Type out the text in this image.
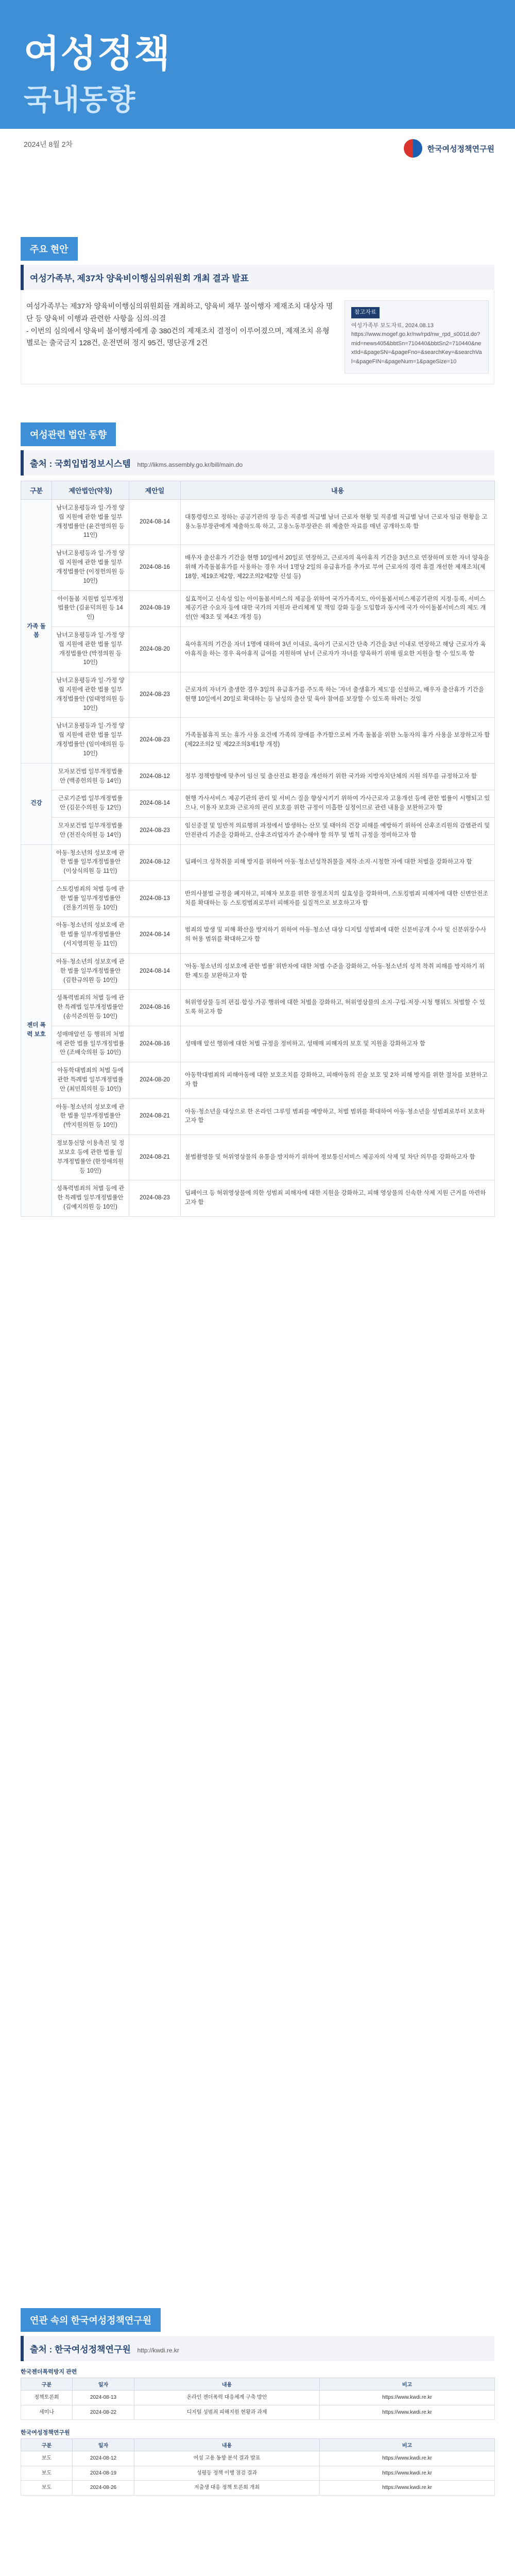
여성정책
국내동향
2024년 8월 2차
한국여성정책연구원
주요 현안
여성가족부, 제37차 양육비이행심의위원회 개최 결과 발표
여성가족부는 제37차 양육비이행심의위원회를 개최하고, 양육비 채무 불이행자 제재조치 대상자 명단 등 양육비 이행과 관련한 사항을 심의·의결
- 이번의 심의에서 양육비 불이행자에게 총 380건의 제재조치 결정이 이루어졌으며, 제재조치 유형별로는 출국금지 128건, 운전면허 정지 95건, 명단공개 2건
참고자료
여성가족부 보도자료, 2024.08.13
https://www.mogef.go.kr/nw/rpd/nw_rpd_s001d.do?mid=news405&bbtSn=710440&bbtSn2=710440&nextId=&pageSN=&pageFno=&searchKey=&searchVal=&pageFIN=&pageNum=1&pageSize=10
여성관련 법안 동향
출처 : 국회입법정보시스템 http://likms.assembly.go.kr/bill/main.do
구분	제안법안(약칭)	제안일	내용
가족 돌봄	남녀고용평등과 일·가정 양립 지원에 관한 법률 일부개정법률안 (윤건영의원 등 11인)	2024-08-14	대통령령으로 정하는 공공기관의 장 등은 직종별 직급별 남녀 근로자 현황 및 직종별 직급별 남녀 근로자 임금 현황을 고용노동부장관에게 제출하도록 하고, 고용노동부장관은 위 제출한 자료를 매년 공개하도록 함
	남녀고용평등과 일·가정 양립 지원에 관한 법률 일부개정법률안 (이정헌의원 등 10인)	2024-08-16	배우자 출산휴가 기간을 현행 10일에서 20일로 연장하고, 근로자의 육아휴직 기간을 3년으로 연장하며 또한 자녀 양육을 위해 가족돌봄휴가를 사용하는 경우 자녀 1명당 2일의 유급휴가를 추가로 부여 근로자의 경력 휴결 개선한 제재조치(제18항, 제19조제2항, 제22조의2제2항 신설 등)
	아이돌봄 지원법 일부개정법률안 (김윤덕의원 등 14인)	2024-08-19	실효적이고 신속성 있는 아이돌봄서비스의 제공을 위하여 국가가족지도, 아이돌봄서비스제공기관의 지정·등록, 서비스제공기관 수요자 등에 대한 국가의 지원과 관리체계 및 책임 강화 등을 도입함과 동시에 국가 아이돌봄서비스의 제도 개선(안 제3조 및 제4조 개정 등)
	남녀고용평등과 일·가정 양립 지원에 관한 법률 일부개정법률안 (박정의원 등 10인)	2024-08-20	육아휴직의 기간을 자녀 1명에 대하여 3년 이내로, 육아기 근로시간 단축 기간을 3년 이내로 연장하고 해당 근로자가 육아휴직을 하는 경우 육아휴직 급여를 지원하며 남녀 근로자가 자녀를 양육하기 위해 필요한 지원을 할 수 있도록 함
	남녀고용평등과 일·가정 양립 지원에 관한 법률 일부개정법률안 (엄태영의원 등 10인)	2024-08-23	근로자의 자녀가 출생한 경우 3일의 유급휴가를 주도록 하는 '자녀 출생휴가 제도'를 신설하고, 배우자 출산휴가 기간을 현행 10일에서 20일로 확대하는 등 남성의 출산 및 육아 참여를 보장할 수 있도록 하려는 것임
	남녀고용평등과 일·가정 양립 지원에 관한 법률 일부개정법률안 (임미애의원 등 10인)	2024-08-23	가족돌봄휴직 또는 휴가 사용 요건에 가족의 장애를 추가함으로써 가족 돌봄을 위한 노동자의 휴가 사용을 보장하고자 함(제22조의2 및 제22조의3제1항 개정)
건강	모자보건법 일부개정법률안 (백종헌의원 등 14인)	2024-08-12	정부 정책방향에 맞추어 임신 및 출산진료 환경을 개선하기 위한 국가와 지방자치단체의 지원 의무를 규정하고자 함
	근로기준법 일부개정법률안 (김문수의원 등 12인)	2024-08-14	현행 가사서비스 제공기관의 관리 및 서비스 질을 향상시키기 위하여 가사근로자 고용개선 등에 관한 법률이 시행되고 있으나, 이용자 보호와 근로자의 권리 보호를 위한 규정이 미흡한 실정이므로 관련 내용을 보완하고자 함
	모자보건법 일부개정법률안 (전진숙의원 등 14인)	2024-08-23	임신중절 및 일반적 의료행위 과정에서 발생하는 산모 및 태아의 건강 피해를 예방하기 위하여 산후조리원의 감염관리 및 안전관리 기준을 강화하고, 산후조리업자가 준수해야 할 의무 및 벌칙 규정을 정비하고자 함
젠더 폭력 보호	아동·청소년의 성보호에 관한 법률 일부개정법률안 (이상식의원 등 11인)	2024-08-12	딥페이크 성착취물 피해 방지를 위하여 아동·청소년성착취물을 제작·소지·시청한 자에 대한 처벌을 강화하고자 함
	스토킹범죄의 처벌 등에 관한 법률 일부개정법률안 (전용기의원 등 10인)	2024-08-13	반의사불벌 규정을 폐지하고, 피해자 보호를 위한 잠정조치의 실효성을 강화하며, 스토킹범죄 피해자에 대한 신변안전조치를 확대하는 등 스토킹범죄로부터 피해자를 실질적으로 보호하고자 함
	아동·청소년의 성보호에 관한 법률 일부개정법률안 (서지영의원 등 11인)	2024-08-14	범죄의 발생 및 피해 확산을 방지하기 위하여 아동·청소년 대상 디지털 성범죄에 대한 신분비공개 수사 및 신분위장수사의 허용 범위를 확대하고자 함
	아동·청소년의 성보호에 관한 법률 일부개정법률안 (김한규의원 등 10인)	2024-08-14	'아동·청소년의 성보호에 관한 법률' 위반자에 대한 처벌 수준을 강화하고, 아동·청소년의 성적 착취 피해를 방지하기 위한 제도를 보완하고자 함
	성폭력범죄의 처벌 등에 관한 특례법 일부개정법률안 (송석준의원 등 10인)	2024-08-16	허위영상물 등의 편집·합성·가공 행위에 대한 처벌을 강화하고, 허위영상물의 소지·구입·저장·시청 행위도 처벌할 수 있도록 하고자 함
	성매매알선 등 행위의 처벌에 관한 법률 일부개정법률안 (조배숙의원 등 10인)	2024-08-16	성매매 알선 행위에 대한 처벌 규정을 정비하고, 성매매 피해자의 보호 및 지원을 강화하고자 함
	아동학대범죄의 처벌 등에 관한 특례법 일부개정법률안 (최민희의원 등 10인)	2024-08-20	아동학대범죄의 피해아동에 대한 보호조치를 강화하고, 피해아동의 진술 보호 및 2차 피해 방지를 위한 절차를 보완하고자 함
	아동·청소년의 성보호에 관한 법률 일부개정법률안 (박지원의원 등 10인)	2024-08-21	아동·청소년을 대상으로 한 온라인 그루밍 범죄를 예방하고, 처벌 범위를 확대하여 아동·청소년을 성범죄로부터 보호하고자 함
	정보통신망 이용촉진 및 정보보호 등에 관한 법률 일부개정법률안 (한정애의원 등 10인)	2024-08-21	불법촬영물 및 허위영상물의 유통을 방지하기 위하여 정보통신서비스 제공자의 삭제 및 차단 의무를 강화하고자 함
	성폭력범죄의 처벌 등에 관한 특례법 일부개정법률안 (김예지의원 등 10인)	2024-08-23	딥페이크 등 허위영상물에 의한 성범죄 피해자에 대한 지원을 강화하고, 피해 영상물의 신속한 삭제 지원 근거를 마련하고자 함
연관 속의 한국여성정책연구원
출처 : 한국여성정책연구원 http://kwdi.re.kr
한국젠더폭력방지 관련
구분	일자	내용	비고
정책토론회	2024-08-13	온라인 젠더폭력 대응체계 구축 방안	https://www.kwdi.re.kr
세미나	2024-08-22	디지털 성범죄 피해지원 현황과 과제	https://www.kwdi.re.kr
한국여성정책연구원
구분	일자	내용	비고
보도	2024-08-12	여성 고용 동향 분석 결과 발표	https://www.kwdi.re.kr
보도	2024-08-19	성평등 정책 이행 점검 결과	https://www.kwdi.re.kr
보도	2024-08-26	저출생 대응 정책 토론회 개최	https://www.kwdi.re.kr
